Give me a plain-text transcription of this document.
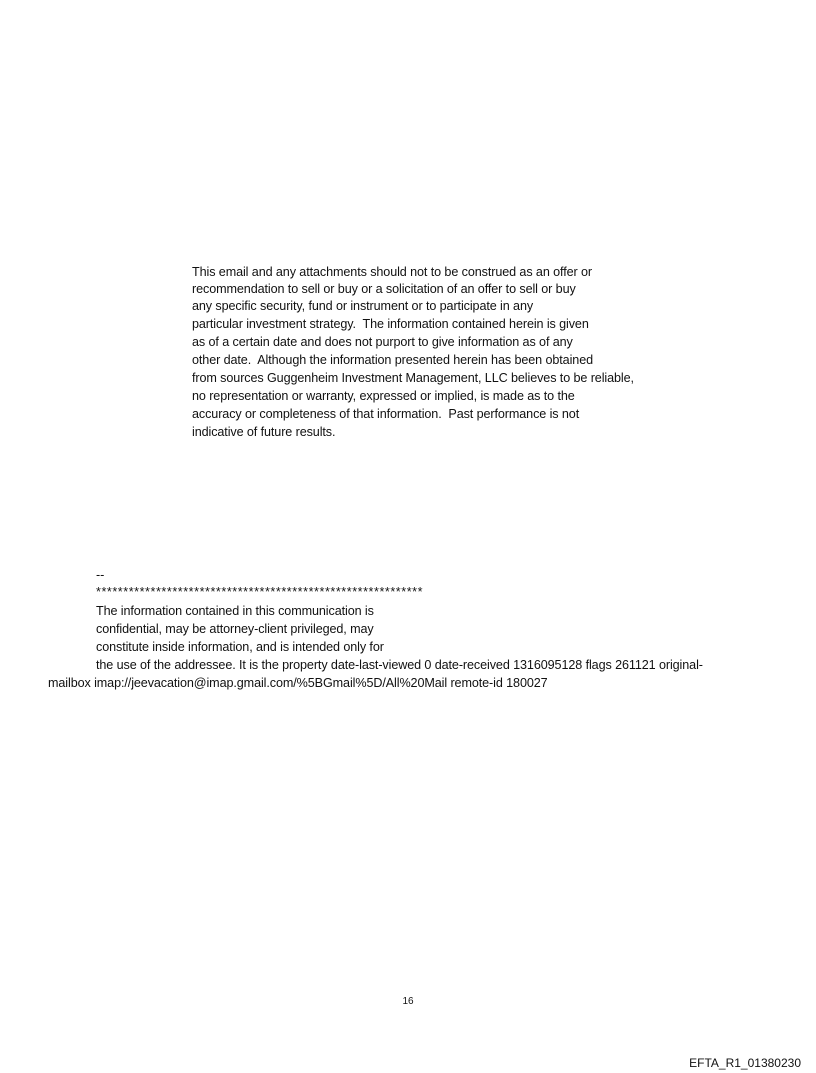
This email and any attachments should not to be construed as an offer or
recommendation to sell or buy or a solicitation of an offer to sell or buy
any specific security, fund or instrument or to participate in any
particular investment strategy.  The information contained herein is given
as of a certain date and does not purport to give information as of any
other date.  Although the information presented herein has been obtained
from sources Guggenheim Investment Management, LLC believes to be reliable,
no representation or warranty, expressed or implied, is made as to the
accuracy or completeness of that information.  Past performance is not
indicative of future results.
--
************************************************************
The information contained in this communication is
confidential, may be attorney-client privileged, may
constitute inside information, and is intended only for
the use of the addressee. It is the property date-last-viewed 0 date-received 1316095128 flags 261121 original-
mailbox imap://jeevacation@imap.gmail.com/%5BGmail%5D/All%20Mail remote-id 180027
16
EFTA_R1_01380230
